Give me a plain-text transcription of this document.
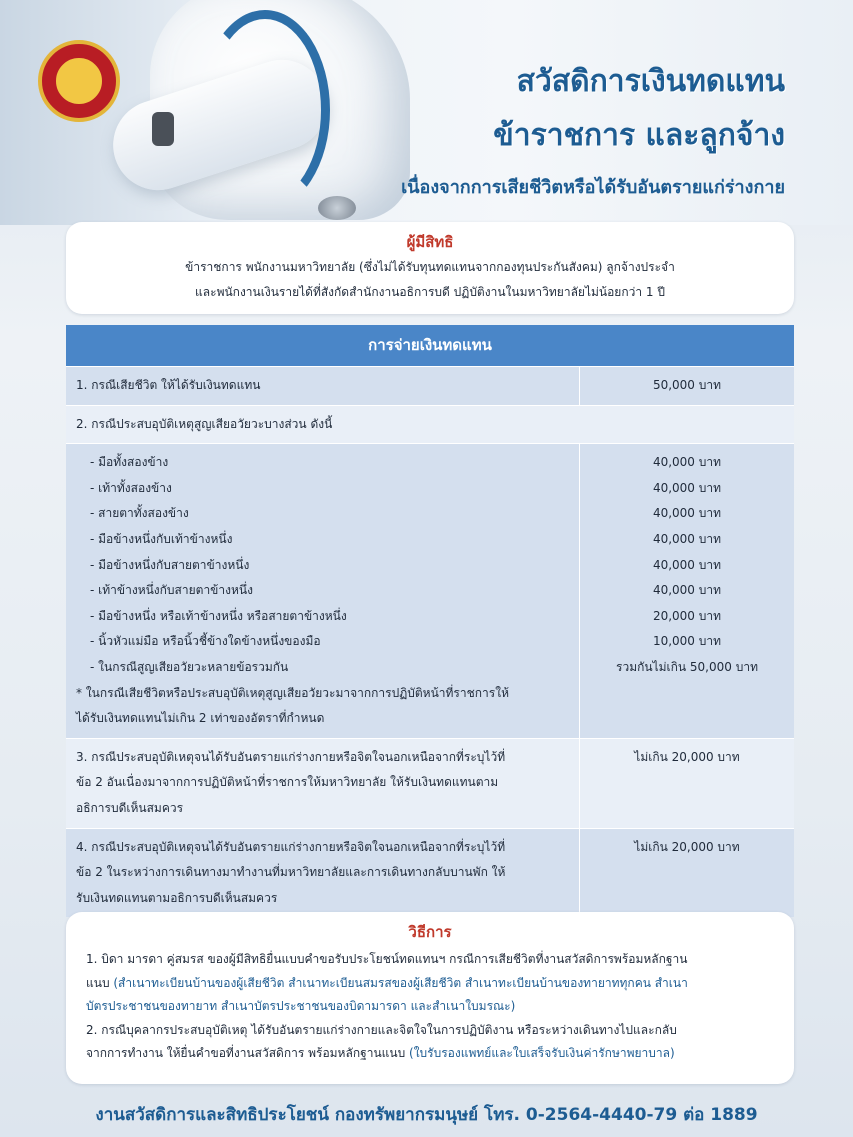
สวัสดิการเงินทดแทน
ข้าราชการ และลูกจ้าง
เนื่องจากการเสียชีวิตหรือได้รับอันตรายแก่ร่างกาย
ผู้มีสิทธิ
ข้าราชการ พนักงานมหาวิทยาลัย (ซึ่งไม่ได้รับทุนทดแทนจากกองทุนประกันสังคม) ลูกจ้างประจำ
และพนักงานเงินรายได้ที่สังกัดสำนักงานอธิการบดี ปฏิบัติงานในมหาวิทยาลัยไม่น้อยกว่า 1 ปี
การจ่ายเงินทดแทน
1. กรณีเสียชีวิต ให้ได้รับเงินทดแทน	50,000 บาท
2. กรณีประสบอุบัติเหตุสูญเสียอวัยวะบางส่วน ดังนี้
- มือทั้งสองข้าง
- เท้าทั้งสองข้าง
- สายตาทั้งสองข้าง
- มือข้างหนึ่งกับเท้าข้างหนึ่ง
- มือข้างหนึ่งกับสายตาข้างหนึ่ง
- เท้าข้างหนึ่งกับสายตาข้างหนึ่ง
- มือข้างหนึ่ง หรือเท้าข้างหนึ่ง หรือสายตาข้างหนึ่ง
- นิ้วหัวแม่มือ หรือนิ้วชี้ข้างใดข้างหนึ่งของมือ
- ในกรณีสูญเสียอวัยวะหลายข้อรวมกัน
* ในกรณีเสียชีวิตหรือประสบอุบัติเหตุสูญเสียอวัยวะมาจากการปฏิบัติหน้าที่ราชการให้
ได้รับเงินทดแทนไม่เกิน 2 เท่าของอัตราที่กำหนด
40,000 บาท
40,000 บาท
40,000 บาท
40,000 บาท
40,000 บาท
40,000 บาท
20,000 บาท
10,000 บาท
รวมกันไม่เกิน 50,000 บาท
3. กรณีประสบอุบัติเหตุจนได้รับอันตรายแก่ร่างกายหรือจิตใจนอกเหนือจากที่ระบุไว้ที่
ข้อ 2 อันเนื่องมาจากการปฏิบัติหน้าที่ราชการให้มหาวิทยาลัย ให้รับเงินทดแทนตาม
อธิการบดีเห็นสมควร
ไม่เกิน 20,000 บาท
4. กรณีประสบอุบัติเหตุจนได้รับอันตรายแก่ร่างกายหรือจิตใจนอกเหนือจากที่ระบุไว้ที่
ข้อ 2 ในระหว่างการเดินทางมาทำงานที่มหาวิทยาลัยและการเดินทางกลับบานพัก ให้
รับเงินทดแทนตามอธิการบดีเห็นสมควร
ไม่เกิน 20,000 บาท
วิธีการ
1. บิดา มารดา คู่สมรส ของผู้มีสิทธิยื่นแบบคำขอรับประโยชน์ทดแทนฯ กรณีการเสียชีวิตที่งานสวัสดิการพร้อมหลักฐาน
แนบ (สำเนาทะเบียนบ้านของผู้เสียชีวิต สำเนาทะเบียนสมรสของผู้เสียชีวิต สำเนาทะเบียนบ้านของทายาททุกคน สำเนา
บัตรประชาชนของทายาท สำเนาบัตรประชาชนของบิดามารดา และสำเนาใบมรณะ)
2. กรณีบุคลากรประสบอุบัติเหตุ ได้รับอันตรายแก่ร่างกายและจิตใจในการปฏิบัติงาน หรือระหว่างเดินทางไปและกลับ
จากการทำงาน ให้ยื่นคำขอที่งานสวัสดิการ พร้อมหลักฐานแนบ (ใบรับรองแพทย์และใบเสร็จรับเงินค่ารักษาพยาบาล)
งานสวัสดิการและสิทธิประโยชน์ กองทรัพยากรมนุษย์ โทร. 0-2564-4440-79 ต่อ 1889
